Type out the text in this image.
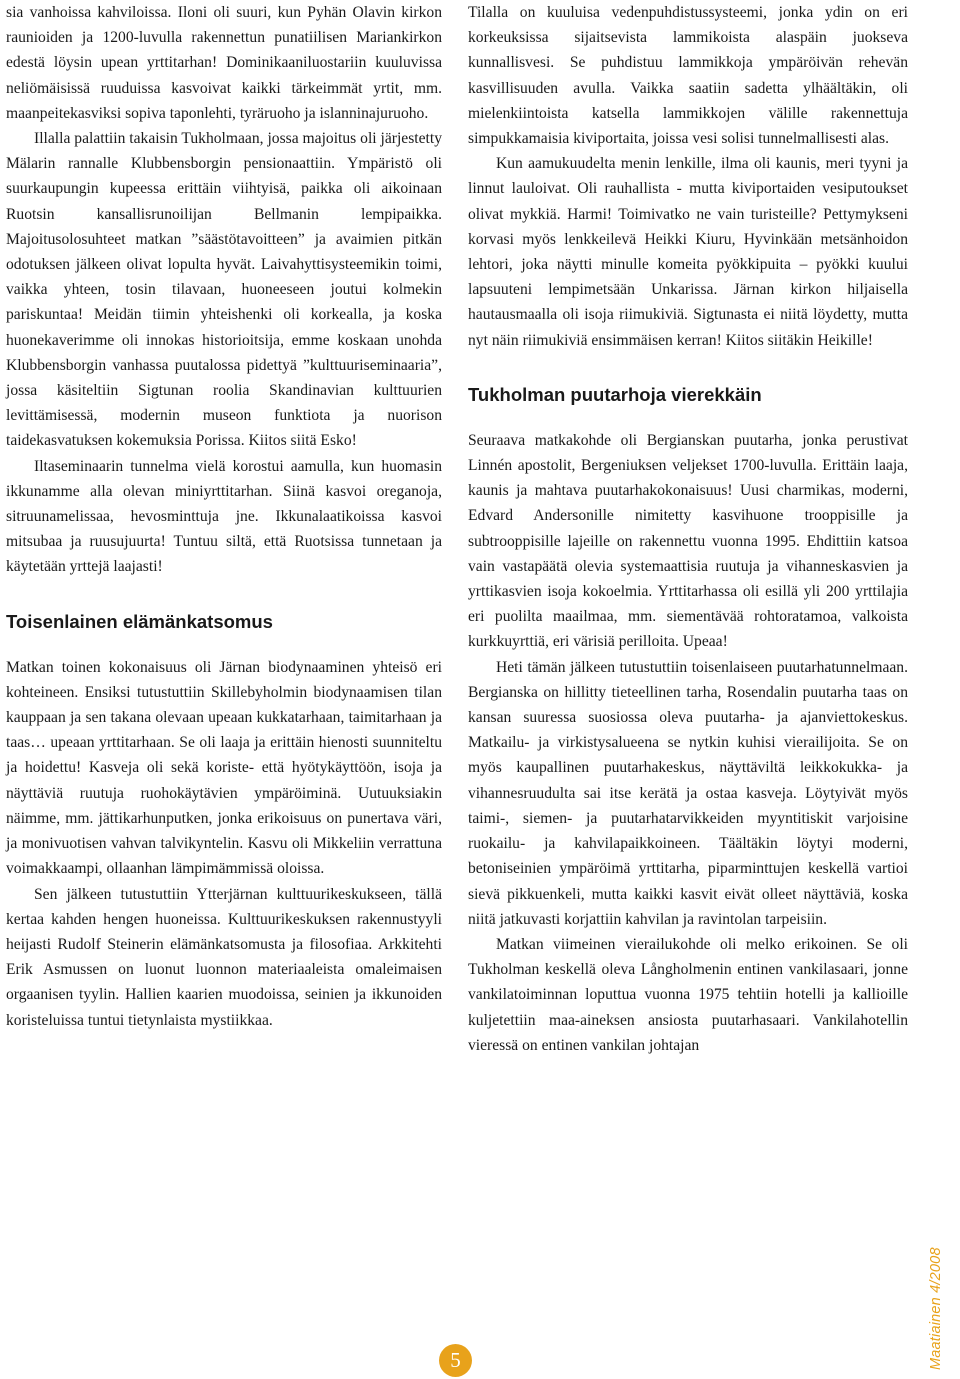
sia vanhoissa kahviloissa. Iloni oli suuri, kun Pyhän Olavin kirkon raunioiden ja 1200-luvulla rakennettun punatiilisen Mariankirkon edestä löysin upean yrttitarhan! Dominikaaniluostariin kuuluvissa neliömäisissä ruuduissa kasvoivat kaikki tärkeimmät yrtit, mm. maanpeitekasviksi sopiva taponlehti, tyräruoho ja islanninajuruoho.

Illalla palattiin takaisin Tukholmaan, jossa majoitus oli järjestetty Mälarin rannalle Klubbensborgin pensionaattiin. Ympäristö oli suurkaupungin kupeessa erittäin viihtyisä, paikka oli aikoinaan Ruotsin kansallisrunoilijan Bellmanin lempipaikka. Majoitusolosuhteet matkan ”säästötavoitteen” ja avaimien pitkän odotuksen jälkeen olivat lopulta hyvät. Laivahyttisysteemikin toimi, vaikka yhteen, tosin tilavaan, huoneeseen joutui kolmekin pariskuntaa! Meidän tiimin yhteishenki oli korkealla, ja koska huonekaverimme oli innokas historioitsija, emme koskaan unohda Klubbensborgin vanhassa puutalossa pidettyä ”kulttuuriseminaaria”, jossa käsiteltiin Sigtunan roolia Skandinavian kulttuurien levittämisessä, modernin museon funktiota ja nuorison taidekasvatuksen kokemuksia Porissa. Kiitos siitä Esko!

Iltaseminaarin tunnelma vielä korostui aamulla, kun huomasin ikkunamme alla olevan miniyrttitarhan. Siinä kasvoi oreganoja, sitruunamelissaa, hevosminttuja jne. Ikkunalaatikoissa kasvoi mitsubaa ja ruusujuurta! Tuntuu siltä, että Ruotsissa tunnetaan ja käytetään yrttejä laajasti!

Toisenlainen elämänkatsomus

Matkan toinen kokonaisuus oli Järnan biodynaaminen yhteisö eri kohteineen. Ensiksi tutustuttiin Skillebyholmin biodynaamisen tilan kauppaan ja sen takana olevaan upeaan kukkatarhaan, taimitarhaan ja taas… upeaan yrttitarhaan. Se oli laaja ja erittäin hienosti suunniteltu ja hoidettu! Kasveja oli sekä koriste- että hyötykäyttöön, isoja ja näyttäviä ruutuja ruohokäytävien ympäröiminä. Uutuuksiakin näimme, mm. jättikarhunputken, jonka erikoisuus on punertava väri, ja monivuotisen vahvan talvikyntelin. Kasvu oli Mikkeliin verrattuna voimakkaampi, ollaanhan lämpimämmissä oloissa.

Sen jälkeen tutustuttiin Ytterjärnan kulttuurikeskukseen, tällä kertaa kahden hengen huoneissa. Kulttuurikeskuksen rakennustyyli heijasti Rudolf Steinerin elämänkatsomusta ja filosofiaa. Arkkitehti Erik Asmussen on luonut luonnon materiaaleista omaleimaisen orgaanisen tyylin. Hallien kaarien muodoissa, seinien ja ikkunoiden koristeluissa tuntui tietynlaista mystiikkaa.

Tilalla on kuuluisa vedenpuhdistussysteemi, jonka ydin on eri korkeuksissa sijaitsevista lammikoista alaspäin juokseva kunnallisvesi. Se puhdistuu lammikkoja ympäröivän rehevän kasvillisuuden avulla. Vaikka saatiin sadetta ylhäältäkin, oli mielenkiintoista katsella lammikkojen välille rakennettuja simpukkamaisia kiviportaita, joissa vesi solisi tunnelmallisesti alas.

Kun aamukuudelta menin lenkille, ilma oli kaunis, meri tyyni ja linnut lauloivat. Oli rauhallista - mutta kiviportaiden vesiputoukset olivat mykkiä. Harmi! Toimivatko ne vain turisteille? Pettymykseni korvasi myös lenkkeilevä Heikki Kiuru, Hyvinkään metsänhoidon lehtori, joka näytti minulle komeita pyökkipuita – pyökki kuului lapsuuteni lempimetsään Unkarissa. Järnan kirkon hiljaisella hautausmaalla oli isoja riimukiviä. Sigtunasta ei niitä löydetty, mutta nyt näin riimukiviä ensimmäisen kerran! Kiitos siitäkin Heikille!

Tukholman puutarhoja vierekkäin

Seuraava matkakohde oli Bergianskan puutarha, jonka perustivat Linnén apostolit, Bergeniuksen veljekset 1700-luvulla. Erittäin laaja, kaunis ja mahtava puutarhakokonaisuus! Uusi charmikas, moderni, Edvard Andersonille nimitetty kasvihuone trooppisille ja subtrooppisille lajeille on rakennettu vuonna 1995. Ehdittiin katsoa vain vastapäätä olevia systemaattisia ruutuja ja vihanneskasvien ja yrttikasvien isoja kokoelmia. Yrttitarhassa oli esillä yli 200 yrttilajia eri puolilta maailmaa, mm. siementävää rohtoratamoa, valkoista kurkkuyrttiä, eri värisiä perilloita. Upeaa!

Heti tämän jälkeen tutustuttiin toisenlaiseen puutarhatunnelmaan. Bergianska on hillitty tieteellinen tarha, Rosendalin puutarha taas on kansan suuressa suosiossa oleva puutarha- ja ajanviettokeskus. Matkailu- ja virkistysalueena se nytkin kuhisi vierailijoita. Se on myös kaupallinen puutarhakeskus, näyttäviltä leikkokukka- ja vihannesruudulta sai itse kerätä ja ostaa kasveja. Löytyivät myös taimi-, siemen- ja puutarhatarvikkeiden myyntitiskit varjoisine ruokailu- ja kahvilapaikkoineen. Täältäkin löytyi moderni, betoniseinien ympäröimä yrttitarha, piparminttujen keskellä vartioi sievä pikkuenkeli, mutta kaikki kasvit eivät olleet näyttäviä, koska niitä jatkuvasti korjattiin kahvilan ja ravintolan tarpeisiin.

Matkan viimeinen vierailukohde oli melko erikoinen. Se oli Tukholman keskellä oleva Långholmenin entinen vankilasaari, jonne vankilatoiminnan loputtua vuonna 1975 tehtiin hotelli ja kallioille kuljetettiin maa-aineksen ansiosta puutarhasaari. Vankilahotellin vieressä on entinen vankilan johtajan

5	Maatiainen 4/2008
